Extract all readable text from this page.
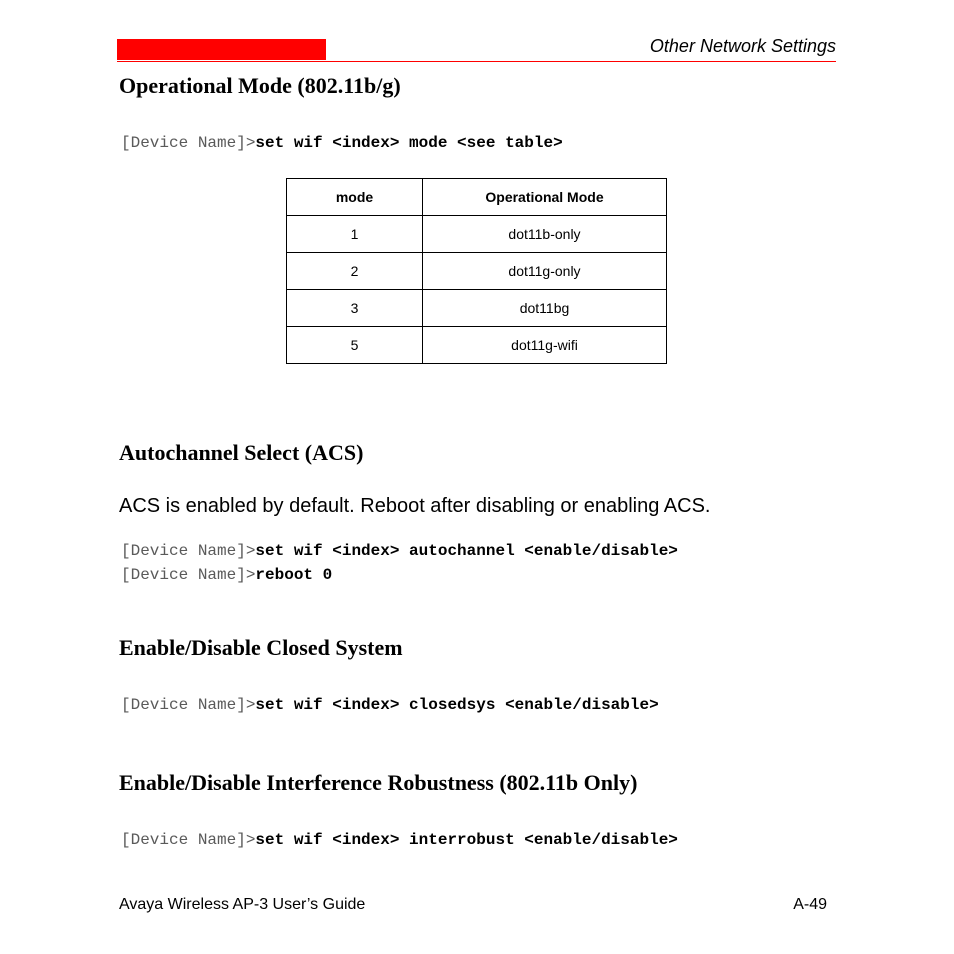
Other Network Settings
Operational Mode (802.11b/g)
[Device Name]>set wif <index> mode <see table>
mode	Operational Mode
1	dot11b-only
2	dot11g-only
3	dot11bg
5	dot11g-wifi
Autochannel Select (ACS)
ACS is enabled by default. Reboot after disabling or enabling ACS.
[Device Name]>set wif <index> autochannel <enable/disable>
[Device Name]>reboot 0
Enable/Disable Closed System
[Device Name]>set wif <index> closedsys <enable/disable>
Enable/Disable Interference Robustness (802.11b Only)
[Device Name]>set wif <index> interrobust <enable/disable>
Avaya Wireless AP-3 User’s Guide	A-49
